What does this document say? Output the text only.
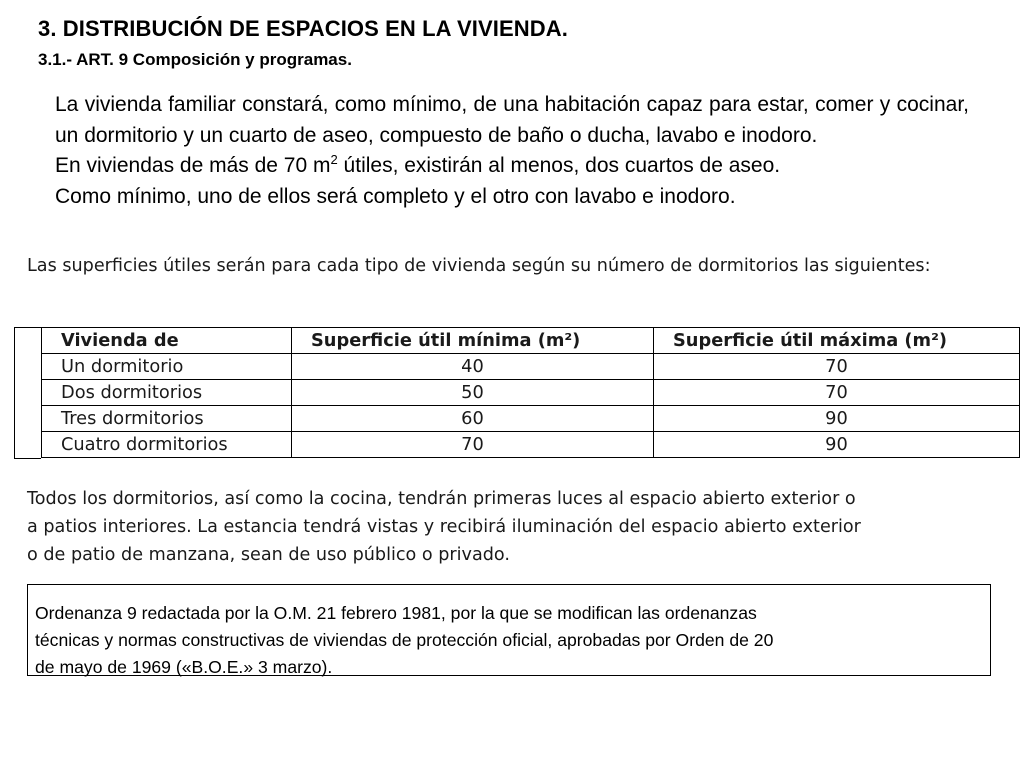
3. DISTRIBUCIÓN DE ESPACIOS EN LA VIVIENDA.
3.1.- ART. 9 Composición y programas.

La vivienda familiar constará, como mínimo, de una habitación capaz para estar, comer y cocinar, un dormitorio y un cuarto de aseo, compuesto de baño o ducha, lavabo e inodoro.

En viviendas de más de 70 $m^2$ útiles, existirán al menos, dos cuartos de aseo.

Como mínimo, uno de ellos será completo y el otro con lavabo e inodoro.

Las superficies útiles serán para cada tipo de vivienda según su número de dormitorios las siguientes:
Vivienda de	Superficie útil mínima (m²)	Superficie útil máxima (m²)
Un dormitorio	40	70
Dos dormitorios	50	70
Tres dormitorios	60	90
Cuatro dormitorios	70	90
Todos los dormitorios, así como la cocina, tendrán primeras luces al espacio abierto exterior o
a patios interiores. La estancia tendrá vistas y recibirá iluminación del espacio abierto exterior
o de patio de manzana, sean de uso público o privado.
Ordenanza 9 redactada por la O.M. 21 febrero 1981, por la que se modifican las ordenanzas
técnicas y normas constructivas de viviendas de protección oficial, aprobadas por Orden de 20
de mayo de 1969 («B.O.E.» 3 marzo).
